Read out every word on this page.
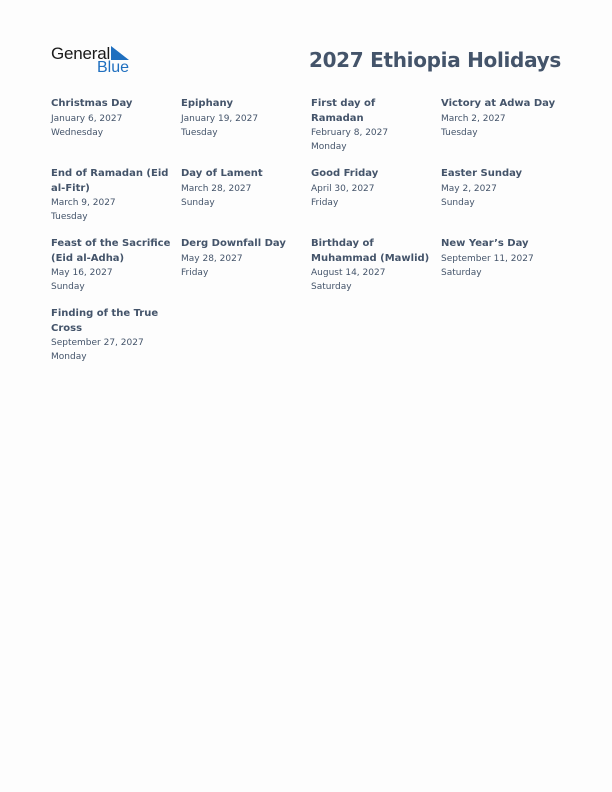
General
Blue	2027 Ethiopia Holidays
Christmas Day
January 6, 2027
Wednesday
Epiphany
January 19, 2027
Tuesday
First day of Ramadan
February 8, 2027
Monday
Victory at Adwa Day
March 2, 2027
Tuesday
End of Ramadan (Eid al-Fitr)
March 9, 2027
Tuesday
Day of Lament
March 28, 2027
Sunday
Good Friday
April 30, 2027
Friday
Easter Sunday
May 2, 2027
Sunday
Feast of the Sacrifice (Eid al-Adha)
May 16, 2027
Sunday
Derg Downfall Day
May 28, 2027
Friday
Birthday of Muhammad (Mawlid)
August 14, 2027
Saturday
New Year’s Day
September 11, 2027
Saturday
Finding of the True Cross
September 27, 2027
Monday
